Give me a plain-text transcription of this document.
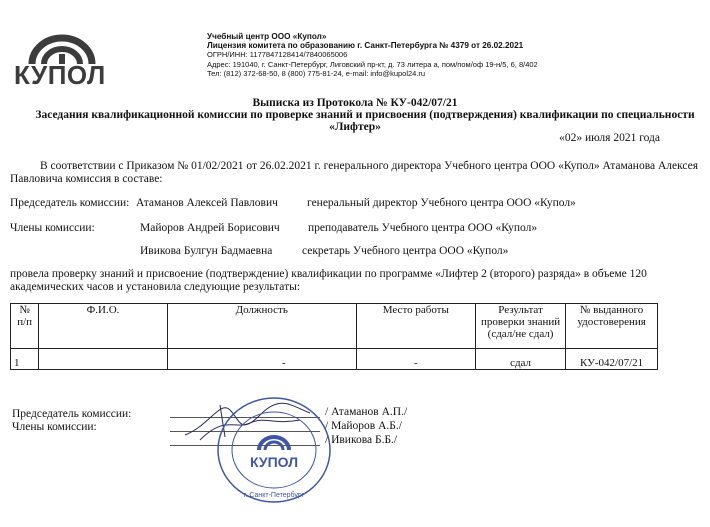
КУПОЛ
Учебный центр ООО «Купол»
Лицензия комитета по образованию г. Санкт-Петербурга № 4379 от 26.02.2021
ОГРН/ИНН: 1177847128414/7840065006
Адрес: 191040, г. Санкт-Петербург, Лиговский пр-кт, д. 73 литера а, пом/пом/оф 19-н/5, 6, 8/402
Тел: (812) 372-68-50, 8 (800) 775-81-24, e-mail: info@kupol24.ru
Выписка из Протокола № КУ-042/07/21
Заседания квалификационной комиссии по проверке знаний и присвоения (подтверждения) квалификации по специальности
«Лифтер»
«02» июля 2021 года
В соответствии с Приказом № 01/02/2021 от 26.02.2021 г. генерального директора Учебного центра ООО «Купол» Атаманова Алексея
Павловича комиссия в составе:
Председатель комиссии: Атаманов Алексей Павлович	генеральный директор Учебного центра ООО «Купол»
Члены комиссии:	Майоров Андрей Борисович преподаватель Учебного центра ООО «Купол»
Ивикова Булгун Бадмаевна	секретарь Учебного центра ООО «Купол»
провела проверку знаний и присвоение (подтверждение) квалификации по программе «Лифтер 2 (второго) разряда» в объеме 120
академических часов и установила следующие результаты:
№ п/п	Ф.И.О.	Должность	Место работы	Результат проверки знаний (сдал/не сдал)	№ выданного удостоверения
1		-	-	сдал	КУ-042/07/21
Председатель комиссии:
Члены комиссии:
/ Атаманов А.П./
/ Майоров А.Б./
/ Ивикова Б.Б./
КУПОЛ
г. Санкт-Петербург
